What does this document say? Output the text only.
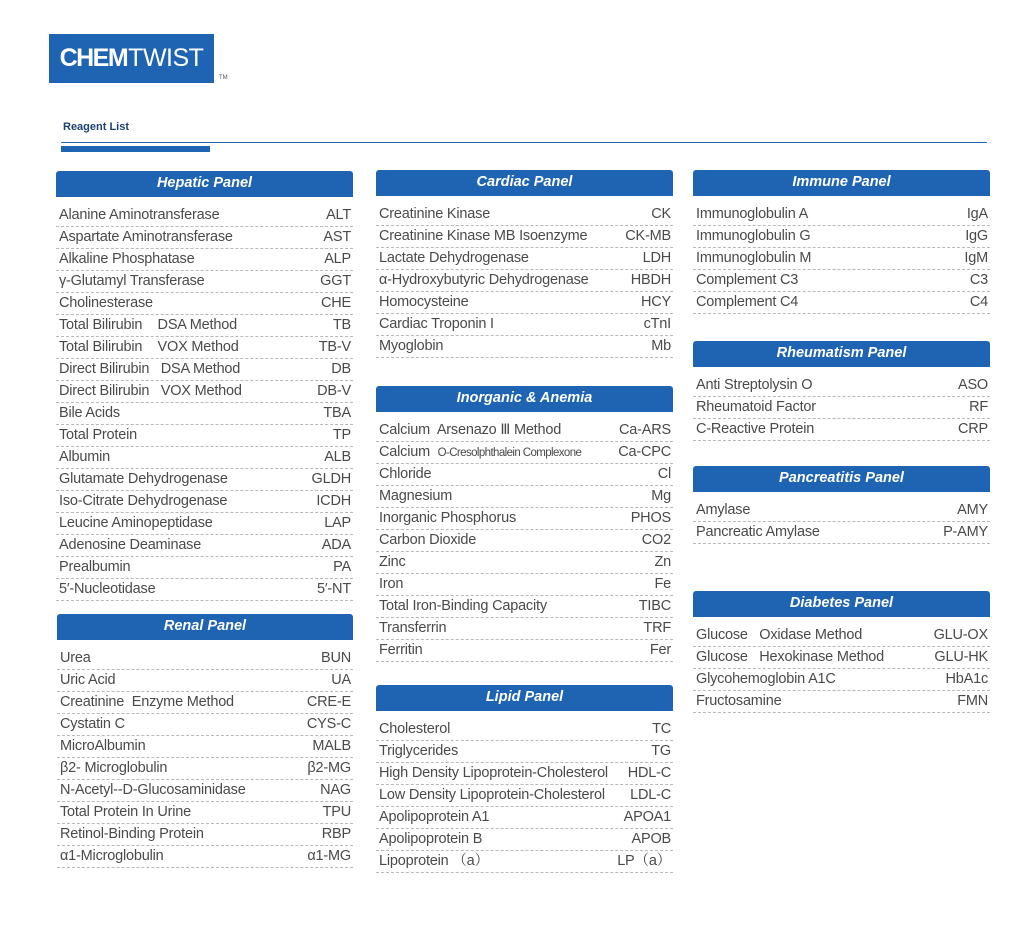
CHEM TWIST
TM
Reagent List
Hepatic Panel
Alanine Aminotransferase	ALT
Aspartate Aminotransferase	AST
Alkaline Phosphatase	ALP
γ-Glutamyl Transferase	GGT
Cholinesterase	CHE
Total Bilirubin    DSA Method	TB
Total Bilirubin    VOX Method	TB-V
Direct Bilirubin   DSA Method	DB
Direct Bilirubin   VOX Method	DB-V
Bile Acids	TBA
Total Protein	TP
Albumin	ALB
Glutamate Dehydrogenase	GLDH
Iso-Citrate Dehydrogenase	ICDH
Leucine Aminopeptidase	LAP
Adenosine Deaminase	ADA
Prealbumin	PA
5′-Nucleotidase	5′-NT
Renal Panel
Urea	BUN
Uric Acid	UA
Creatinine  Enzyme Method	CRE-E
Cystatin C	CYS-C
MicroAlbumin	MALB
β2- Microglobulin	β2-MG
N-Acetyl--D-Glucosaminidase	NAG
Total Protein In Urine	TPU
Retinol-Binding Protein	RBP
α1-Microglobulin	α1-MG
Cardiac Panel
Creatinine Kinase	CK
Creatinine Kinase MB Isoenzyme	CK-MB
Lactate Dehydrogenase	LDH
α-Hydroxybutyric Dehydrogenase	HBDH
Homocysteine	HCY
Cardiac Troponin I	cTnI
Myoglobin	Mb
Inorganic & Anemia
Calcium  Arsenazo Ⅲ Method	Ca-ARS
Calcium O-Cresolphthalein Complexone	Ca-CPC
Chloride	Cl
Magnesium	Mg
Inorganic Phosphorus	PHOS
Carbon Dioxide	CO2
Zinc	Zn
Iron	Fe
Total Iron-Binding Capacity	TIBC
Transferrin	TRF
Ferritin	Fer
Lipid Panel
Cholesterol	TC
Triglycerides	TG
High Density Lipoprotein-Cholesterol HDL-C
Low Density Lipoprotein-Cholesterol LDL-C
Apolipoprotein A1	APOA1
Apolipoprotein B	APOB
Lipoprotein （a）	LP（a）
Immune Panel
Immunoglobulin A	IgA
Immunoglobulin G	IgG
Immunoglobulin M	IgM
Complement C3	C3
Complement C4	C4
Rheumatism Panel
Anti Streptolysin O	ASO
Rheumatoid Factor	RF
C-Reactive Protein	CRP
Pancreatitis Panel
Amylase	AMY
Pancreatic Amylase	P-AMY
Diabetes Panel
Glucose   Oxidase Method	GLU-OX
Glucose   Hexokinase Method	GLU-HK
Glycohemoglobin A1C	HbA1c
Fructosamine	FMN
